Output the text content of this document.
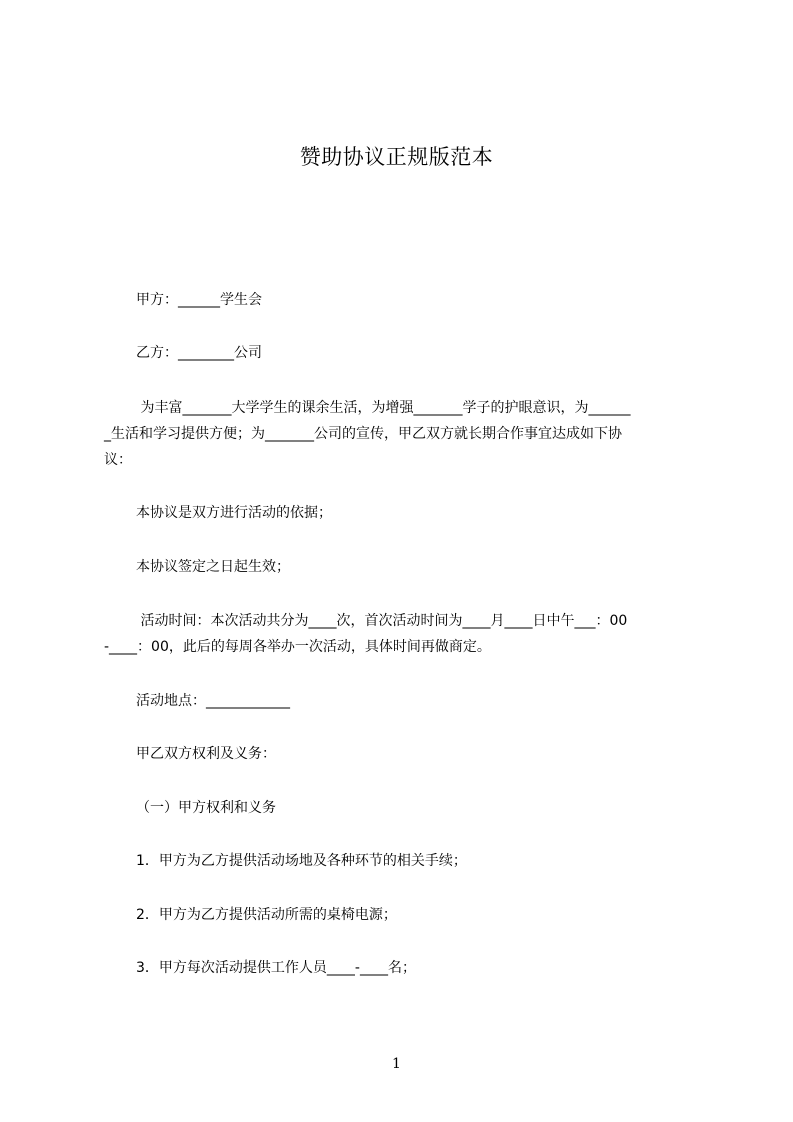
赞助协议正规版范本

甲方：______学生会

乙方：________公司

为丰富_______大学学生的课余生活，为增强_______学子的护眼意识，为______

_生活和学习提供方便；为_______公司的宣传，甲乙双方就长期合作事宜达成如下协

议：

本协议是双方进行活动的依据；

本协议签定之日起生效；

活动时间：本次活动共分为____次，首次活动时间为____月____日中午___：00

-____：00，此后的每周各举办一次活动，具体时间再做商定。

活动地点：____________

甲乙双方权利及义务：

（一）甲方权利和义务

1．甲方为乙方提供活动场地及各种环节的相关手续；

2．甲方为乙方提供活动所需的桌椅电源；

3．甲方每次活动提供工作人员____-____名；

1
